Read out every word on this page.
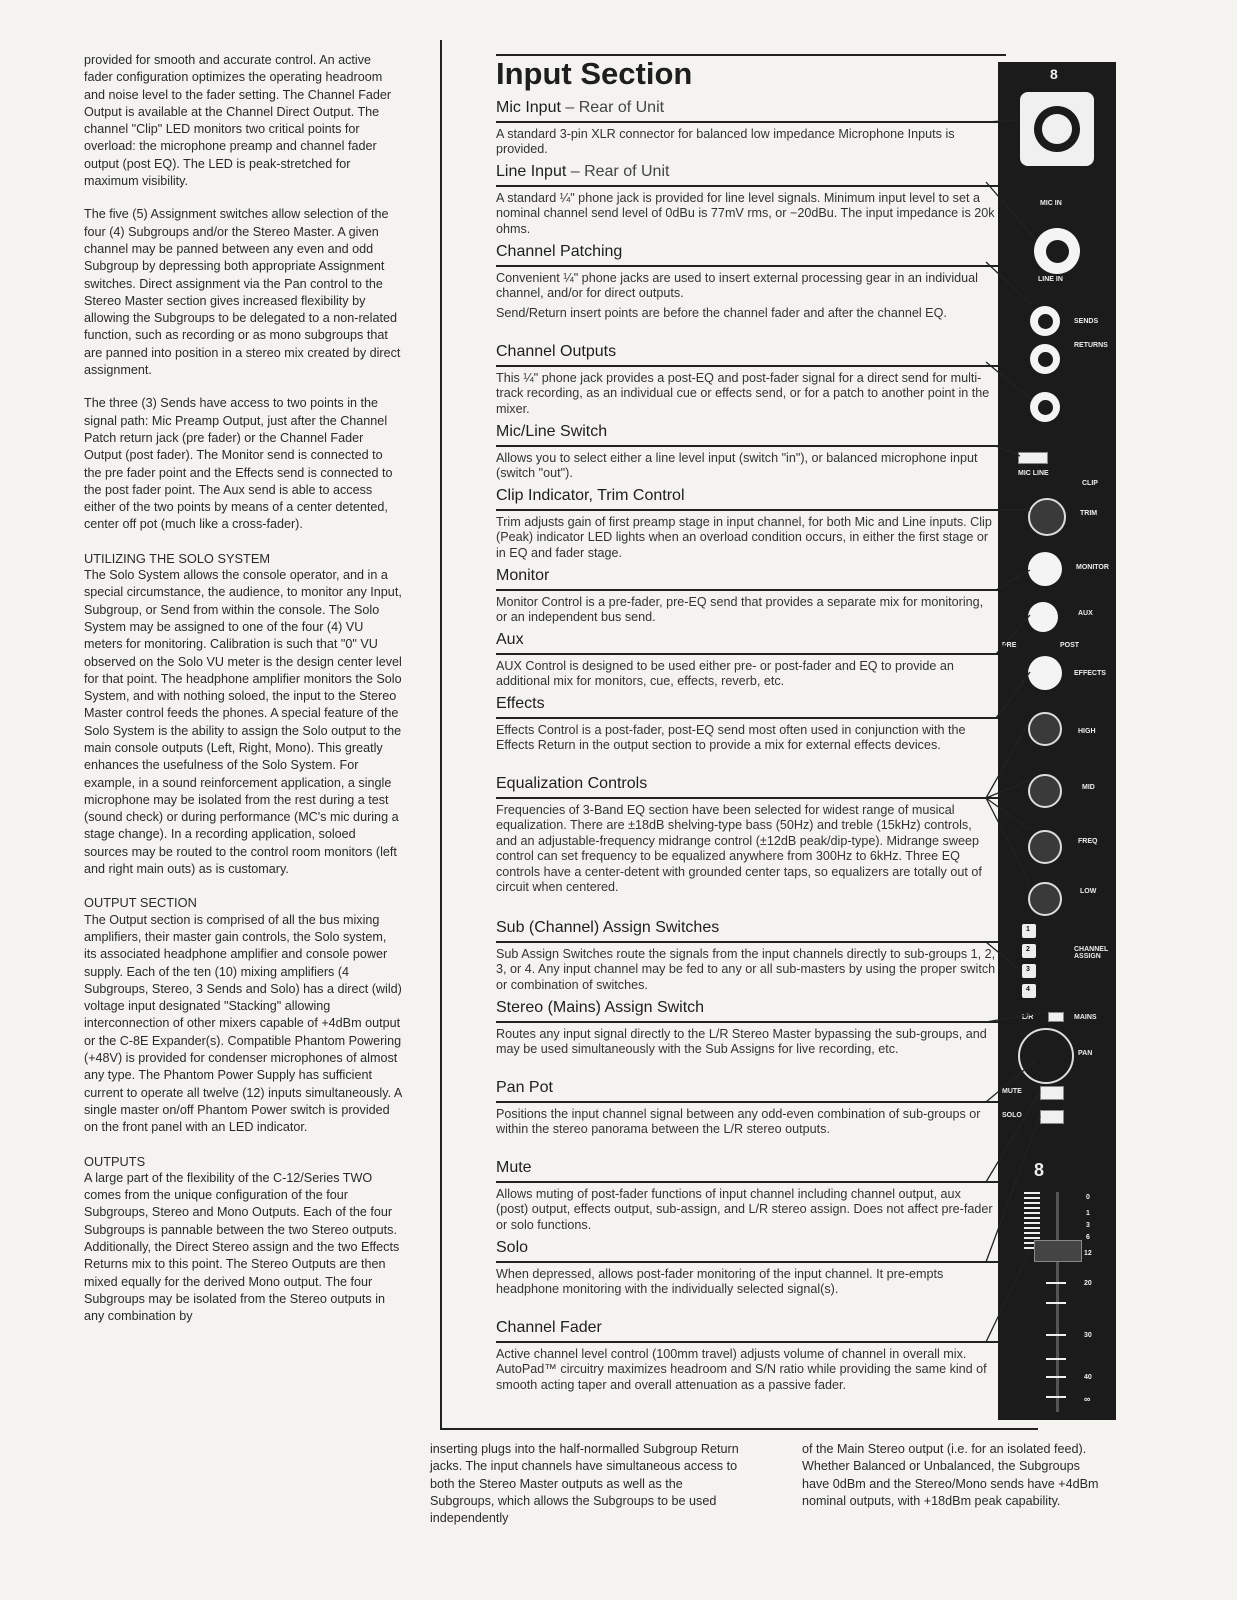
provided for smooth and accurate control. An active fader configuration optimizes the operating headroom and noise level to the fader setting. The Channel Fader Output is available at the Channel Direct Output. The channel "Clip" LED monitors two critical points for overload: the microphone preamp and channel fader output (post EQ). The LED is peak-stretched for maximum visibility.

The five (5) Assignment switches allow selection of the four (4) Subgroups and/or the Stereo Master. A given channel may be panned between any even and odd Subgroup by depressing both appropriate Assignment switches. Direct assignment via the Pan control to the Stereo Master section gives increased flexibility by allowing the Subgroups to be delegated to a non-related function, such as recording or as mono subgroups that are panned into position in a stereo mix created by direct assignment.

The three (3) Sends have access to two points in the signal path: Mic Preamp Output, just after the Channel Patch return jack (pre fader) or the Channel Fader Output (post fader). The Monitor send is connected to the pre fader point and the Effects send is connected to the post fader point. The Aux send is able to access either of the two points by means of a center detented, center off pot (much like a cross-fader).

UTILIZING THE SOLO SYSTEM

The Solo System allows the console operator, and in a special circumstance, the audience, to monitor any Input, Subgroup, or Send from within the console. The Solo System may be assigned to one of the four (4) VU meters for monitoring. Calibration is such that "0" VU observed on the Solo VU meter is the design center level for that point. The headphone amplifier monitors the Solo System, and with nothing soloed, the input to the Stereo Master control feeds the phones. A special feature of the Solo System is the ability to assign the Solo output to the main console outputs (Left, Right, Mono). This greatly enhances the usefulness of the Solo System. For example, in a sound reinforcement application, a single microphone may be isolated from the rest during a test (sound check) or during performance (MC's mic during a stage change). In a recording application, soloed sources may be routed to the control room monitors (left and right main outs) as is customary.

OUTPUT SECTION

The Output section is comprised of all the bus mixing amplifiers, their master gain controls, the Solo system, its associated headphone amplifier and console power supply. Each of the ten (10) mixing amplifiers (4 Subgroups, Stereo, 3 Sends and Solo) has a direct (wild) voltage input designated "Stacking" allowing interconnection of other mixers capable of +4dBm output or the C-8E Expander(s). Compatible Phantom Powering (+48V) is provided for condenser microphones of almost any type. The Phantom Power Supply has sufficient current to operate all twelve (12) inputs simultaneously. A single master on/off Phantom Power switch is provided on the front panel with an LED indicator.

OUTPUTS

A large part of the flexibility of the C-12/Series TWO comes from the unique configuration of the four Subgroups, Stereo and Mono Outputs. Each of the four Subgroups is pannable between the two Stereo outputs. Additionally, the Direct Stereo assign and the two Effects Returns mix to this point. The Stereo Outputs are then mixed equally for the derived Mono output. The four Subgroups may be isolated from the Stereo outputs in any combination by

Input Section
Mic Input – Rear of Unit

A standard 3-pin XLR connector for balanced low impedance Microphone Inputs is provided.

Line Input – Rear of Unit

A standard ¼" phone jack is provided for line level signals. Minimum input level to set a nominal channel send level of 0dBu is 77mV rms, or −20dBu. The input impedance is 20k ohms.

Channel Patching

Convenient ¼" phone jacks are used to insert external processing gear in an individual channel, and/or for direct outputs.

Send/Return insert points are before the channel fader and after the channel EQ.

Channel Outputs

This ¼" phone jack provides a post-EQ and post-fader signal for a direct send for multi-track recording, as an individual cue or effects send, or for a patch to another point in the mixer.

Mic/Line Switch

Allows you to select either a line level input (switch "in"), or balanced microphone input (switch "out").

Clip Indicator, Trim Control

Trim adjusts gain of first preamp stage in input channel, for both Mic and Line inputs. Clip (Peak) indicator LED lights when an overload condition occurs, in either the first stage or in EQ and fader stage.

Monitor

Monitor Control is a pre-fader, pre-EQ send that provides a separate mix for monitoring, or an independent bus send.

Aux

AUX Control is designed to be used either pre- or post-fader and EQ to provide an additional mix for monitors, cue, effects, reverb, etc.

Effects

Effects Control is a post-fader, post-EQ send most often used in conjunction with the Effects Return in the output section to provide a mix for external effects devices.

Equalization Controls

Frequencies of 3-Band EQ section have been selected for widest range of musical equalization. There are ±18dB shelving-type bass (50Hz) and treble (15kHz) controls, and an adjustable-frequency midrange control (±12dB peak/dip-type). Midrange sweep control can set frequency to be equalized anywhere from 300Hz to 6kHz. Three EQ controls have a center-detent with grounded center taps, so equalizers are totally out of circuit when centered.

Sub (Channel) Assign Switches

Sub Assign Switches route the signals from the input channels directly to sub-groups 1, 2, 3, or 4. Any input channel may be fed to any or all sub-masters by using the proper switch or combination of switches.

Stereo (Mains) Assign Switch

Routes any input signal directly to the L/R Stereo Master bypassing the sub-groups, and may be used simultaneously with the Sub Assigns for live recording, etc.

Pan Pot

Positions the input channel signal between any odd-even combination of sub-groups or within the stereo panorama between the L/R stereo outputs.

Mute

Allows muting of post-fader functions of input channel including channel output, aux (post) output, effects output, sub-assign, and L/R stereo assign. Does not affect pre-fader or solo functions.

Solo

When depressed, allows post-fader monitoring of the input channel. It pre-empts headphone monitoring with the individually selected signal(s).

Channel Fader

Active channel level control (100mm travel) adjusts volume of channel in overall mix. AutoPad™ circuitry maximizes headroom and S/N ratio while providing the same kind of smooth acting taper and overall attenuation as a passive fader.

8
MIC IN
LINE IN
SENDS
RETURNS
MIC LINE
CLIP
TRIM
MONITOR
AUX
PRE	POST
EFFECTS
HIGH
MID
FREQ
LOW
1
2
3
4
CHANNEL ASSIGN
L/R	MAINS
PAN
MUTE
SOLO
8
0
1
3
6
12
20
30
40
∞
inserting plugs into the half-normalled Subgroup Return jacks. The input channels have simultaneous access to both the Stereo Master outputs as well as the Subgroups, which allows the Subgroups to be used independently
of the Main Stereo output (i.e. for an isolated feed). Whether Balanced or Unbalanced, the Subgroups have 0dBm and the Stereo/Mono sends have +4dBm nominal outputs, with +18dBm peak capability.
